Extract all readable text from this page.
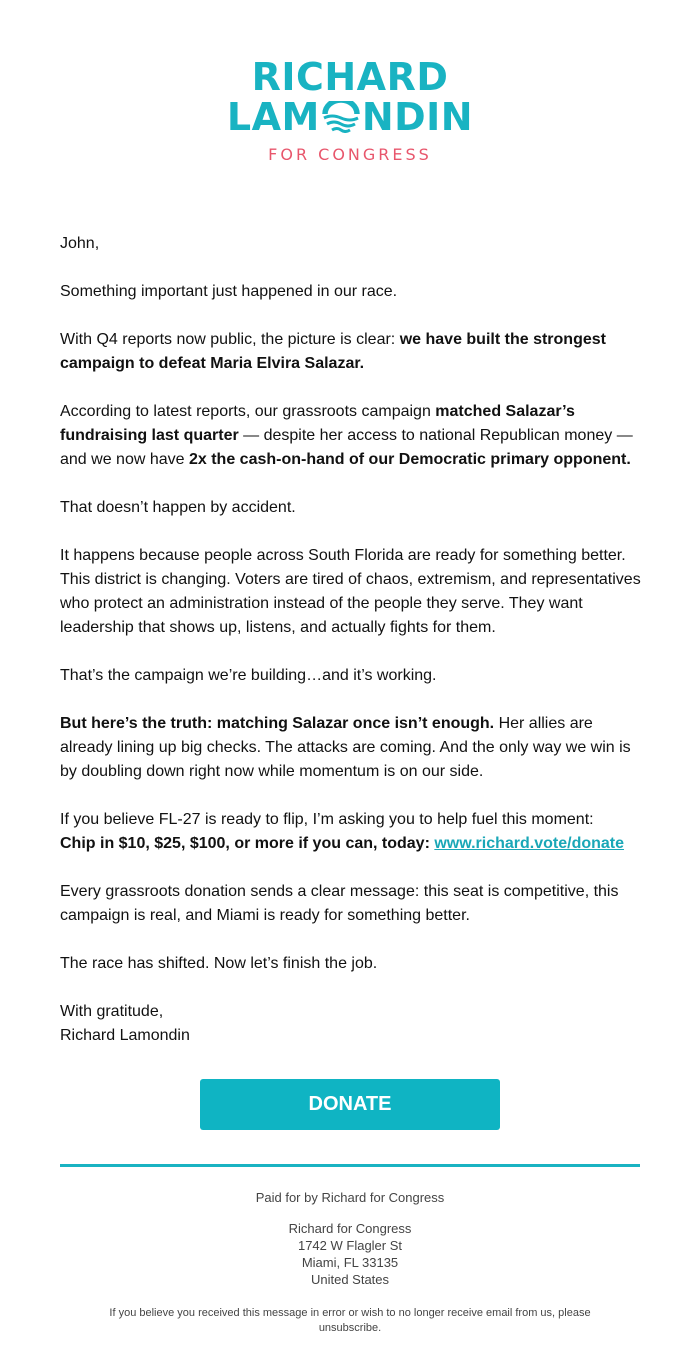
RICHARD
LAM NDIN
FOR CONGRESS

John,

Something important just happened in our race.

With Q4 reports now public, the picture is clear: we have built the strongest campaign to defeat Maria Elvira Salazar.

According to latest reports, our grassroots campaign matched Salazar’s fundraising last quarter — despite her access to national Republican money — and we now have 2x the cash-on-hand of our Democratic primary opponent.

That doesn’t happen by accident.

It happens because people across South Florida are ready for something better. This district is changing. Voters are tired of chaos, extremism, and representatives who protect an administration instead of the people they serve. They want leadership that shows up, listens, and actually fights for them.

That’s the campaign we’re building…and it’s working.

But here’s the truth: matching Salazar once isn’t enough. Her allies are already lining up big checks. The attacks are coming. And the only way we win is by doubling down right now while momentum is on our side.

If you believe FL-27 is ready to flip, I’m asking you to help fuel this moment:
Chip in $10, $25, $100, or more if you can, today: www.richard.vote/donate

Every grassroots donation sends a clear message: this seat is competitive, this campaign is real, and Miami is ready for something better.

The race has shifted. Now let’s finish the job.

With gratitude,
Richard Lamondin

DONATE
Paid for by Richard for Congress
Richard for Congress
1742 W Flagler St
Miami, FL 33135
United States
If you believe you received this message in error or wish to no longer receive email from us, please unsubscribe.
